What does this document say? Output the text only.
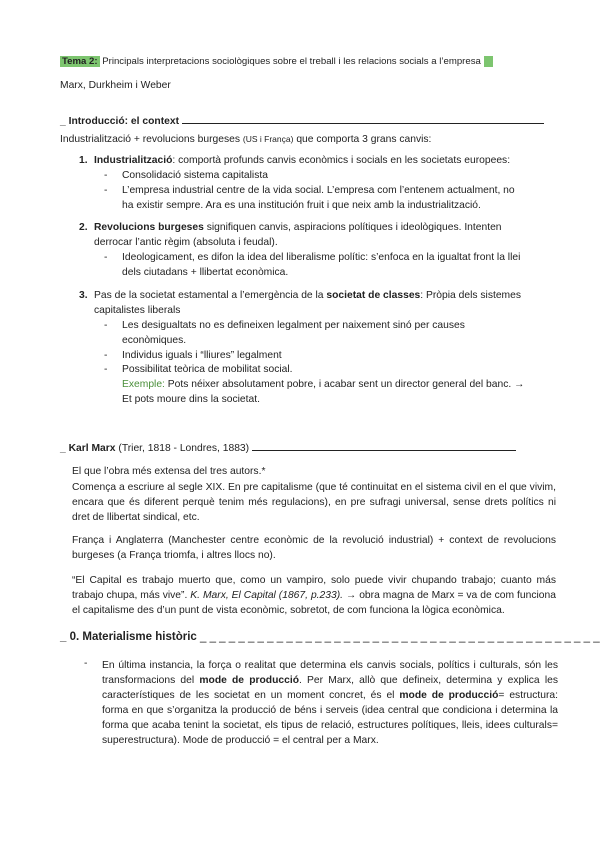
Tema 2: Principals interpretacions sociològiques sobre el treball i les relacions socials a l’empresa
Marx, Durkheim i Weber
_ Introducció: el context
Industrialització + revolucions burgeses (US i França) que comporta 3 grans canvis:
1. Industrialització: comportà profunds canvis econòmics i socials en les societats europees:
- Consolidació sistema capitalista
- L’empresa industrial centre de la vida social. L’empresa com l’entenem actualment, no
ha existir sempre. Ara es una institución fruit i que neix amb la industrialització.
2. Revolucions burgeses signifiquen canvis, aspiracions polítiques i ideològiques. Intenten
derrocar l’antic règim (absoluta i feudal).
- Ideologicament, es difon la idea del liberalisme polític: s’enfoca en la igualtat front la llei
dels ciutadans + llibertat econòmica.
3. Pas de la societat estamental a l’emergència de la societat de classes: Pròpia dels sistemes
capitalistes liberals
- Les desigualtats no es defineixen legalment per naixement sinó per causes
econòmiques.
- Individus iguals i “lliures” legalment
- Possibilitat teòrica de mobilitat social.
Exemple: Pots néixer absolutament pobre, i acabar sent un director general del banc. →
Et pots moure dins la societat.
_ Karl Marx (Trier, 1818 - Londres, 1883)
El que l’obra més extensa del tres autors.*

Comença a escriure al segle XIX. En pre capitalisme (que té continuitat en el sistema civil en el que vivim, encara que és diferent perquè tenim més regulacions), en pre sufragi universal, sense drets polítics ni dret de llibertat sindical, etc.

França i Anglaterra (Manchester centre econòmic de la revolució industrial) + context de revolucions burgeses (a França triomfa, i altres llocs no).

“El Capital es trabajo muerto que, como un vampiro, solo puede vivir chupando trabajo; cuanto más trabajo chupa, más vive”. K. Marx, El Capital (1867, p.233). → obra magna de Marx = va de com funciona el capitalisme des d’un punt de vista econòmic, sobretot, de com funciona la lògica econòmica.

_ 0. Materialisme històric _ _ _ _ _ _ _ _ _ _ _ _ _ _ _ _ _ _ _ _ _ _ _ _ _ _ _ _ _ _ _ _ _ _ _ _ _ _ _ _ _ _
- En última instancia, la força o realitat que determina els canvis socials, polítics i culturals, són les transformacions del mode de producció. Per Marx, allò que defineix, determina y explica les característiques de les societat en un moment concret, és el mode de producció= estructura: forma en que s’organitza la producció de béns i serveis (idea central que condiciona i determina la forma que acaba tenint la societat, els tipus de relació, estructures polítiques, lleis, idees culturals= superestructura). Mode de producció = el central per a Marx.
